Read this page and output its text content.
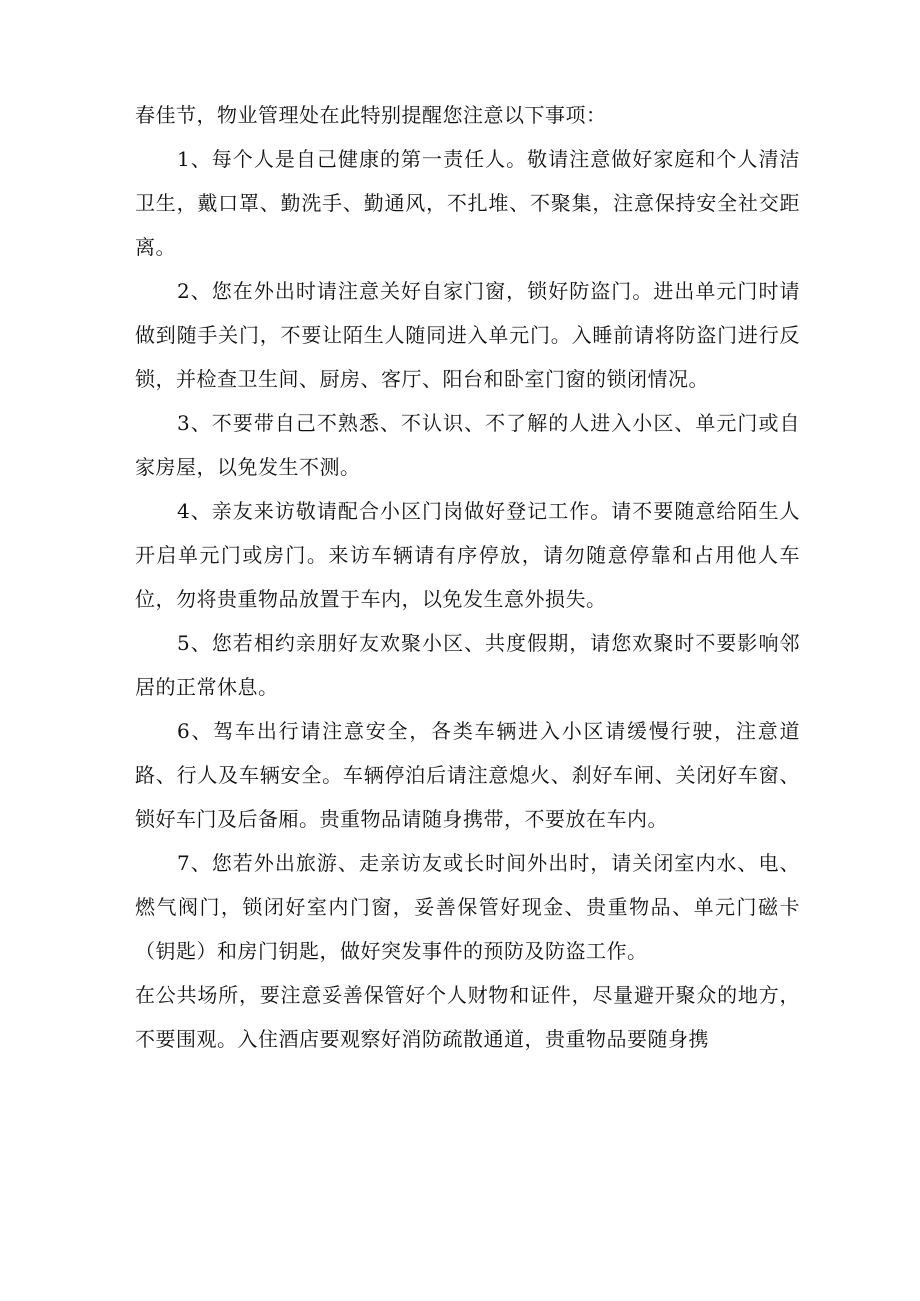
春佳节，物业管理处在此特别提醒您注意以下事项：

1、每个人是自己健康的第一责任人。敬请注意做好家庭和个人清洁卫生，戴口罩、勤洗手、勤通风，不扎堆、不聚集，注意保持安全社交距离。

2、您在外出时请注意关好自家门窗，锁好防盗门。进出单元门时请做到随手关门，不要让陌生人随同进入单元门。入睡前请将防盗门进行反锁，并检查卫生间、厨房、客厅、阳台和卧室门窗的锁闭情况。

3、不要带自己不熟悉、不认识、不了解的人进入小区、单元门或自家房屋，以免发生不测。

4、亲友来访敬请配合小区门岗做好登记工作。请不要随意给陌生人开启单元门或房门。来访车辆请有序停放，请勿随意停靠和占用他人车位，勿将贵重物品放置于车内，以免发生意外损失。

5、您若相约亲朋好友欢聚小区、共度假期，请您欢聚时不要影响邻居的正常休息。

6、驾车出行请注意安全，各类车辆进入小区请缓慢行驶，注意道路、行人及车辆安全。车辆停泊后请注意熄火、刹好车闸、关闭好车窗、锁好车门及后备厢。贵重物品请随身携带，不要放在车内。

7、您若外出旅游、走亲访友或长时间外出时，请关闭室内水、电、燃气阀门，锁闭好室内门窗，妥善保管好现金、贵重物品、单元门磁卡（钥匙）和房门钥匙，做好突发事件的预防及防盗工作。

在公共场所，要注意妥善保管好个人财物和证件，尽量避开聚众的地方，不要围观。入住酒店要观察好消防疏散通道，贵重物品要随身携
